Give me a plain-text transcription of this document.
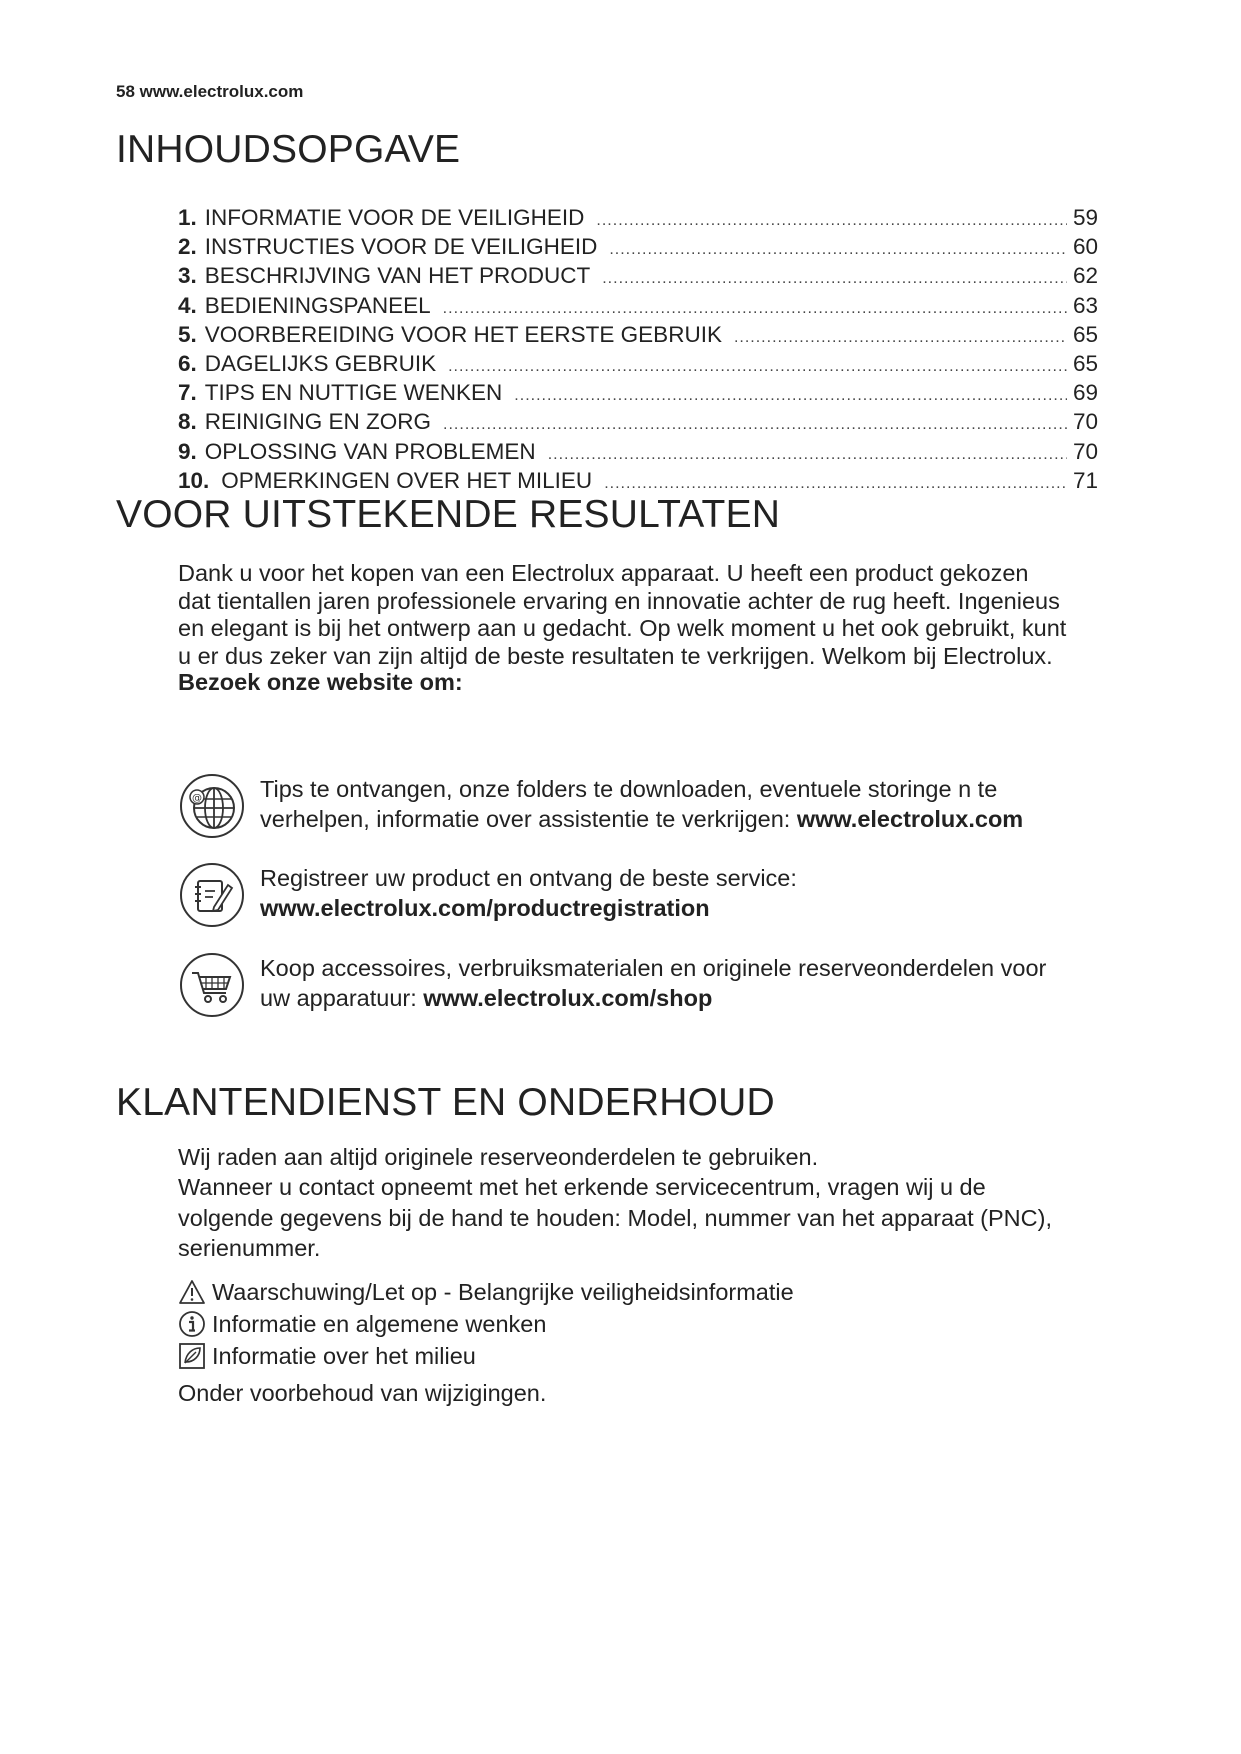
58 www.electrolux.com
INHOUDSOPGAVE
1. INFORMATIE VOOR DE VEILIGHEID .....	59
2. INSTRUCTIES VOOR DE VEILIGHEID .....	60
3. BESCHRIJVING VAN HET PRODUCT .....	62
4. BEDIENINGSPANEEL .....	63
5. VOORBEREIDING VOOR HET EERSTE GEBRUIK .....	65
6. DAGELIJKS GEBRUIK .....	65
7. TIPS EN NUTTIGE WENKEN .....	69
8. REINIGING EN ZORG .....	70
9. OPLOSSING VAN PROBLEMEN .....	70
10. OPMERKINGEN OVER HET MILIEU .....	71
VOOR UITSTEKENDE RESULTATEN
Dank u voor het kopen van een Electrolux apparaat. U heeft een product gekozen
dat tientallen jaren professionele ervaring en innovatie achter de rug heeft. Ingenieus
en elegant is bij het ontwerp aan u gedacht. Op welk moment u het ook gebruikt, kunt
u er dus zeker van zijn altijd de beste resultaten te verkrijgen. Welkom bij Electrolux.
Bezoek onze website om:
@ Tips te ontvangen, onze folders te downloaden, eventuele storinge n te
verhelpen, informatie over assistentie te verkrijgen: www.electrolux.com
Registreer uw product en ontvang de beste service:
www.electrolux.com/productregistration
Koop accessoires, verbruiksmaterialen en originele reserveonderdelen voor
uw apparatuur: www.electrolux.com/shop
KLANTENDIENST EN ONDERHOUD
Wij raden aan altijd originele reserveonderdelen te gebruiken.
Wanneer u contact opneemt met het erkende servicecentrum, vragen wij u de
volgende gegevens bij de hand te houden: Model, nummer van het apparaat (PNC),
serienummer.
Waarschuwing/Let op - Belangrijke veiligheidsinformatie
Informatie en algemene wenken
Informatie over het milieu
Onder voorbehoud van wijzigingen.
